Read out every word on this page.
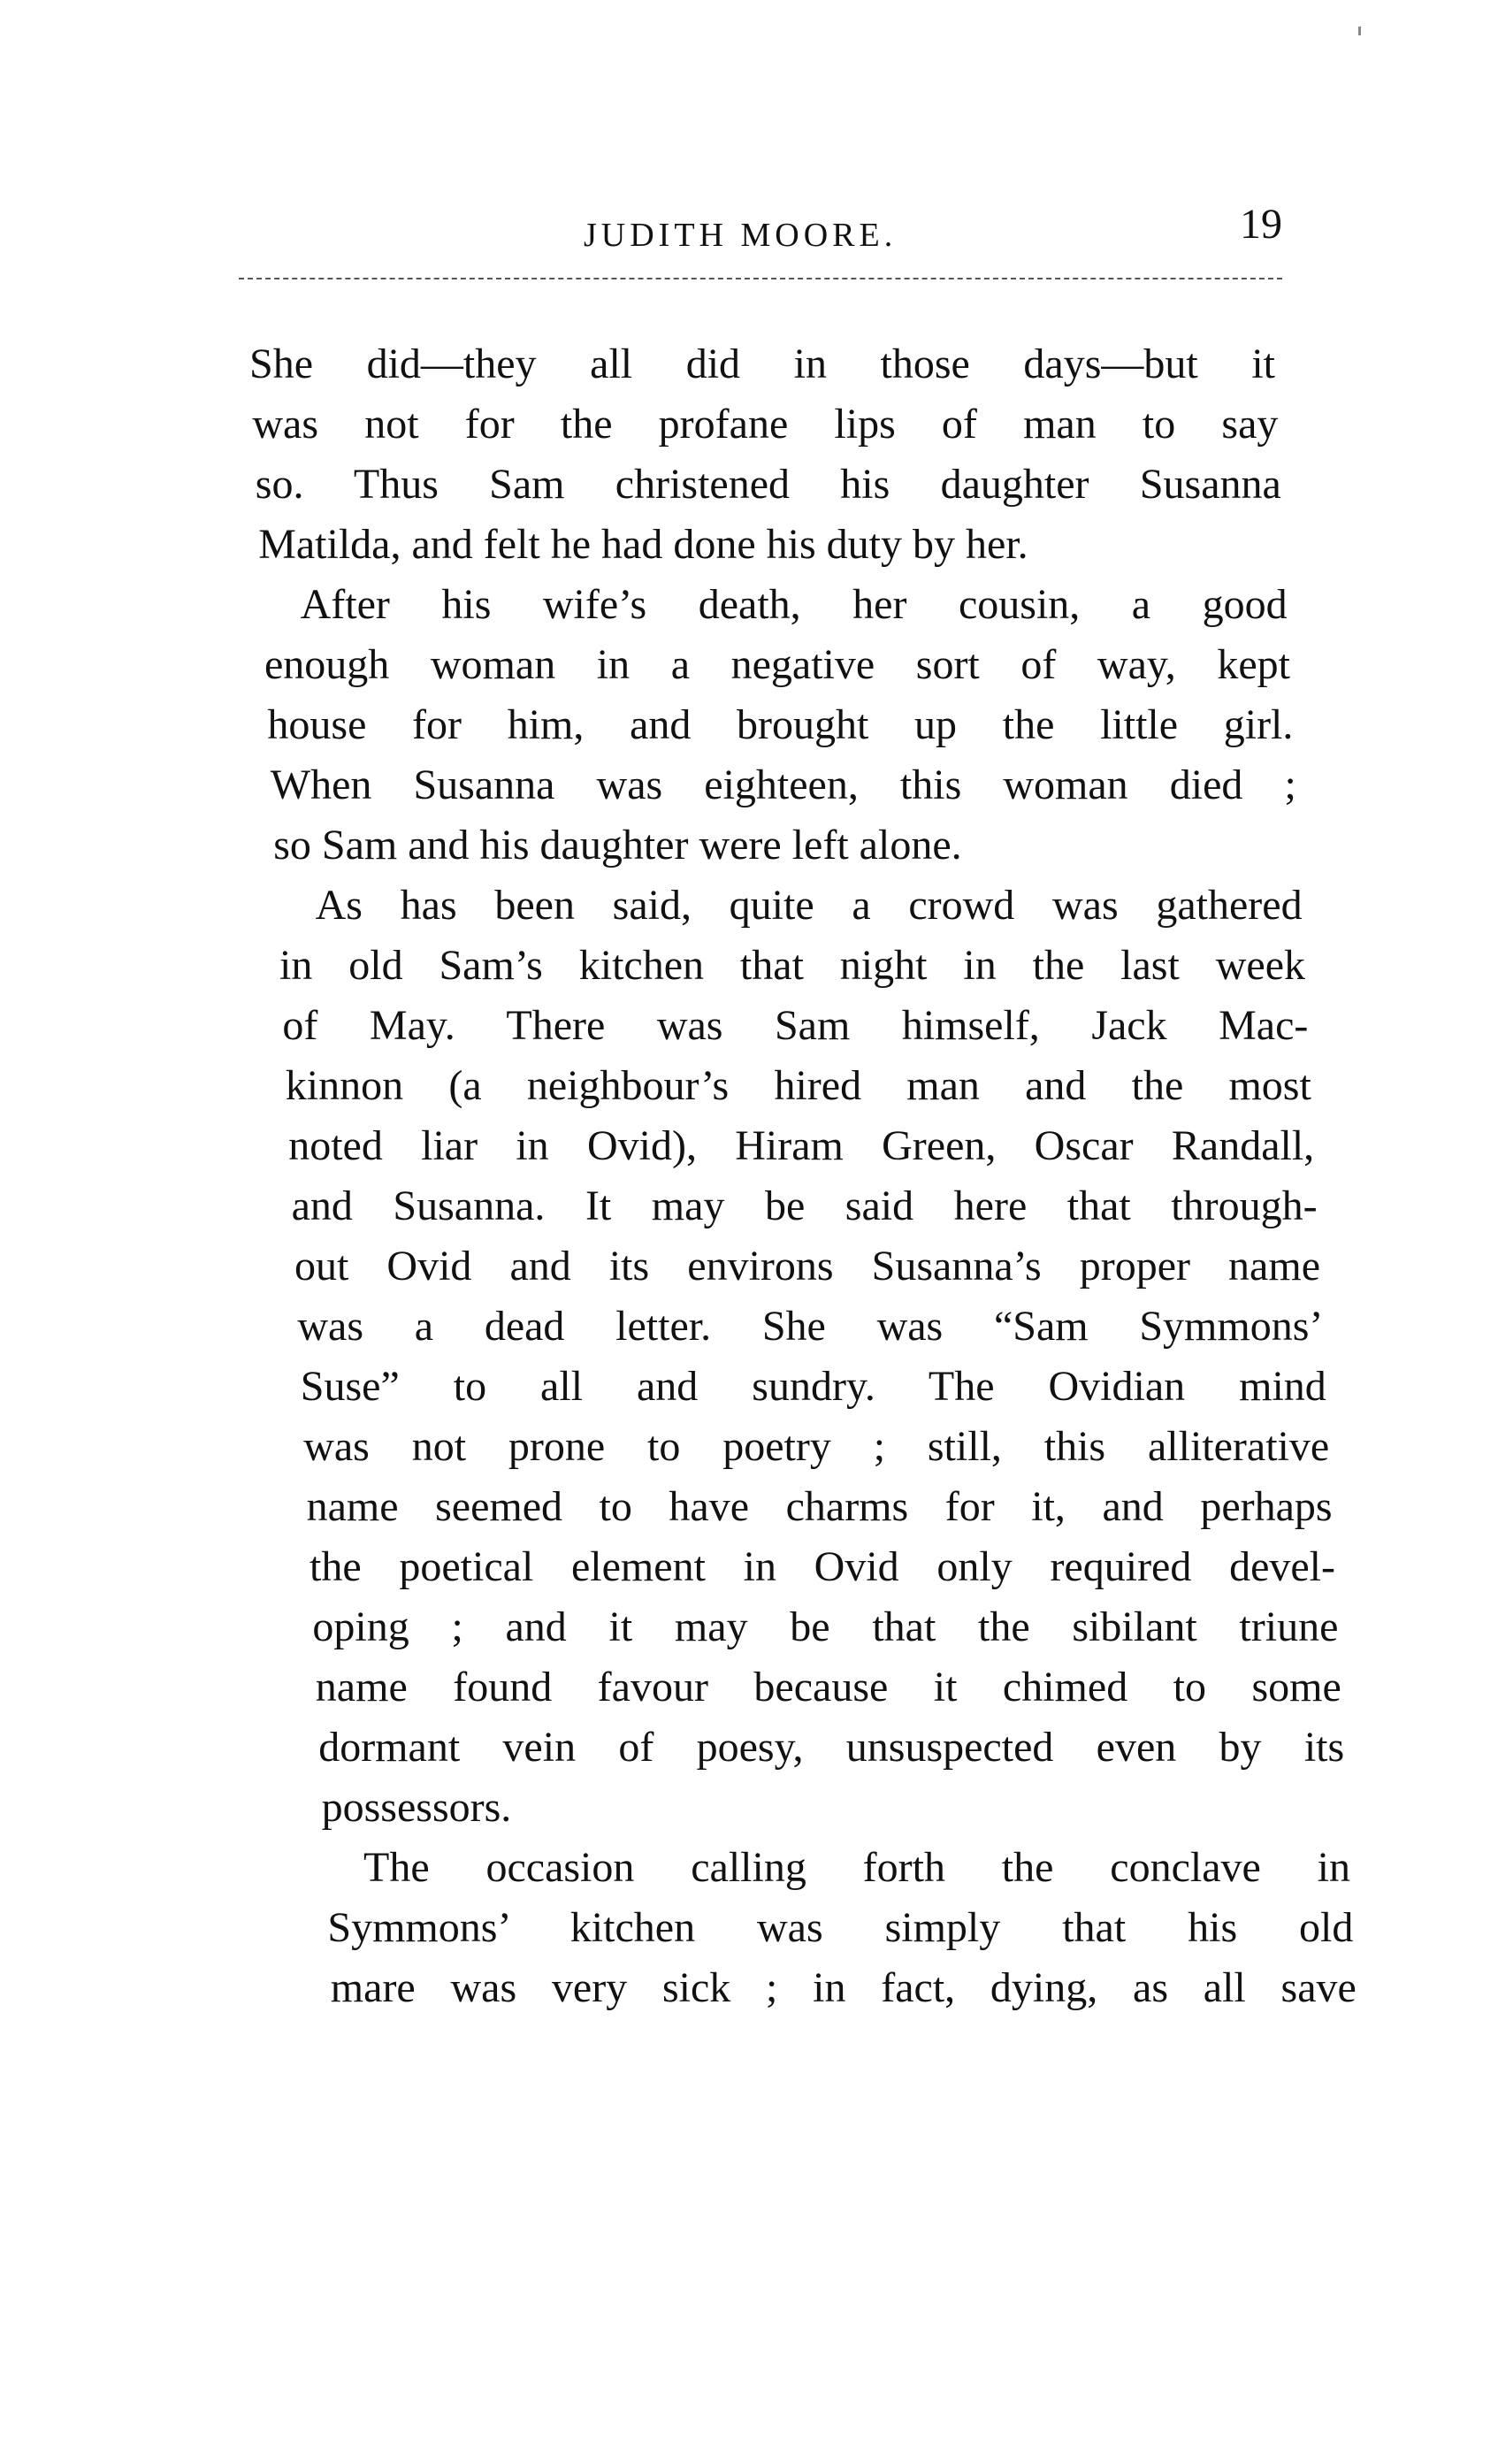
JUDITH MOORE.	19
She did—they all did in those days—but it
was not for the profane lips of man to say
so. Thus Sam christened his daughter Susanna
Matilda, and felt he had done his duty by her.
After his wife’s death, her cousin, a good
enough woman in a negative sort of way, kept
house for him, and brought up the little girl.
When Susanna was eighteen, this woman died ;
so Sam and his daughter were left alone.
As has been said, quite a crowd was gathered
in old Sam’s kitchen that night in the last week
of May. There was Sam himself, Jack Mac-
kinnon (a neighbour’s hired man and the most
noted liar in Ovid), Hiram Green, Oscar Randall,
and Susanna. It may be said here that through-
out Ovid and its environs Susanna’s proper name
was a dead letter. She was “Sam Symmons’
Suse” to all and sundry. The Ovidian mind
was not prone to poetry ; still, this alliterative
name seemed to have charms for it, and perhaps
the poetical element in Ovid only required devel-
oping ; and it may be that the sibilant triune
name found favour because it chimed to some
dormant vein of poesy, unsuspected even by its
possessors.
The occasion calling forth the conclave in
Symmons’ kitchen was simply that his old
mare was very sick ; in fact, dying, as all save
